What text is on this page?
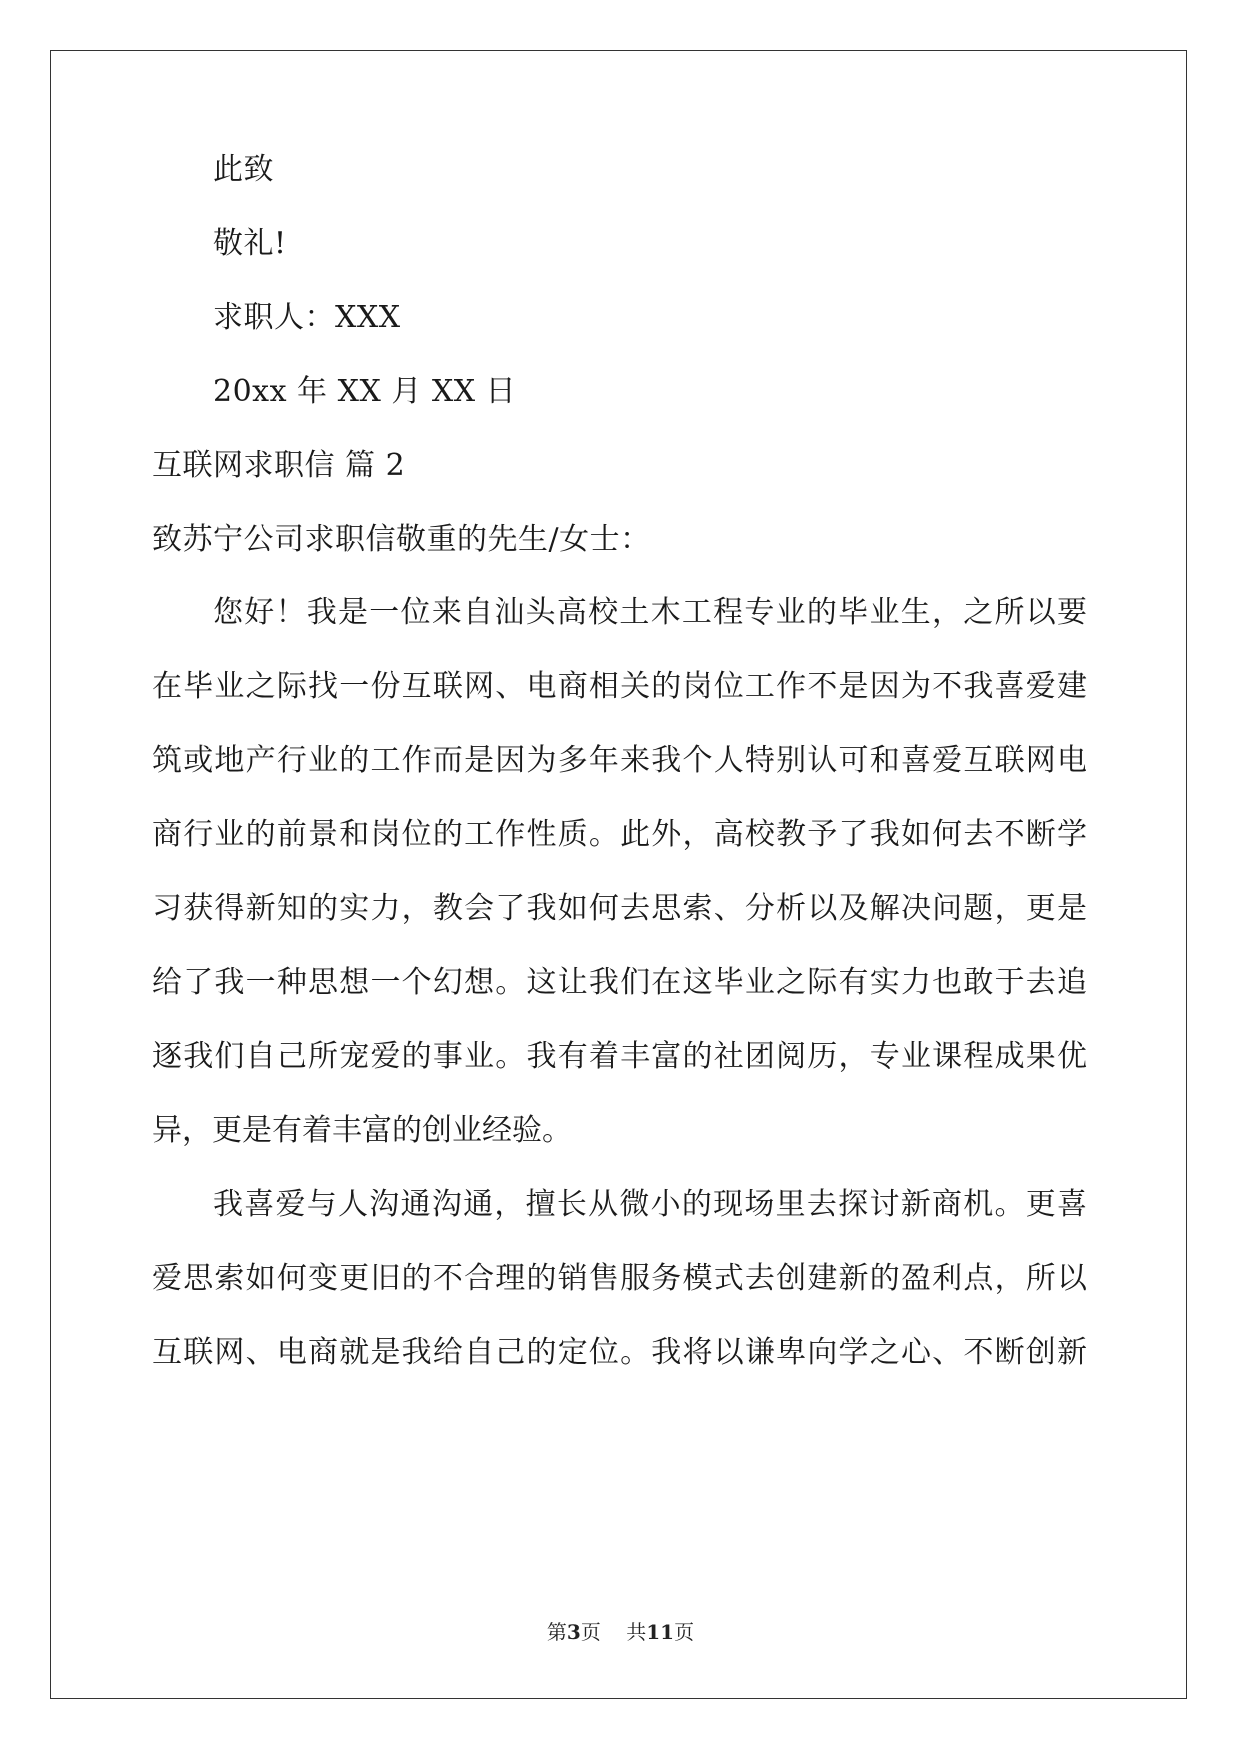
此致
敬礼!
求职人：XXX
20xx 年 XX 月 XX 日
互联网求职信 篇 2
致苏宁公司求职信敬重的先生/女士：
您好！我是一位来自汕头高校土木工程专业的毕业生，之所以要
在毕业之际找一份互联网、电商相关的岗位工作不是因为不我喜爱建
筑或地产行业的工作而是因为多年来我个人特别认可和喜爱互联网电
商行业的前景和岗位的工作性质。此外，高校教予了我如何去不断学
习获得新知的实力，教会了我如何去思索、分析以及解决问题，更是
给了我一种思想一个幻想。这让我们在这毕业之际有实力也敢于去追
逐我们自己所宠爱的事业。我有着丰富的社团阅历，专业课程成果优
异，更是有着丰富的创业经验。
我喜爱与人沟通沟通，擅长从微小的现场里去探讨新商机。更喜
爱思索如何变更旧的不合理的销售服务模式去创建新的盈利点，所以
互联网、电商就是我给自己的定位。我将以谦卑向学之心、不断创新
第3页 共11页
